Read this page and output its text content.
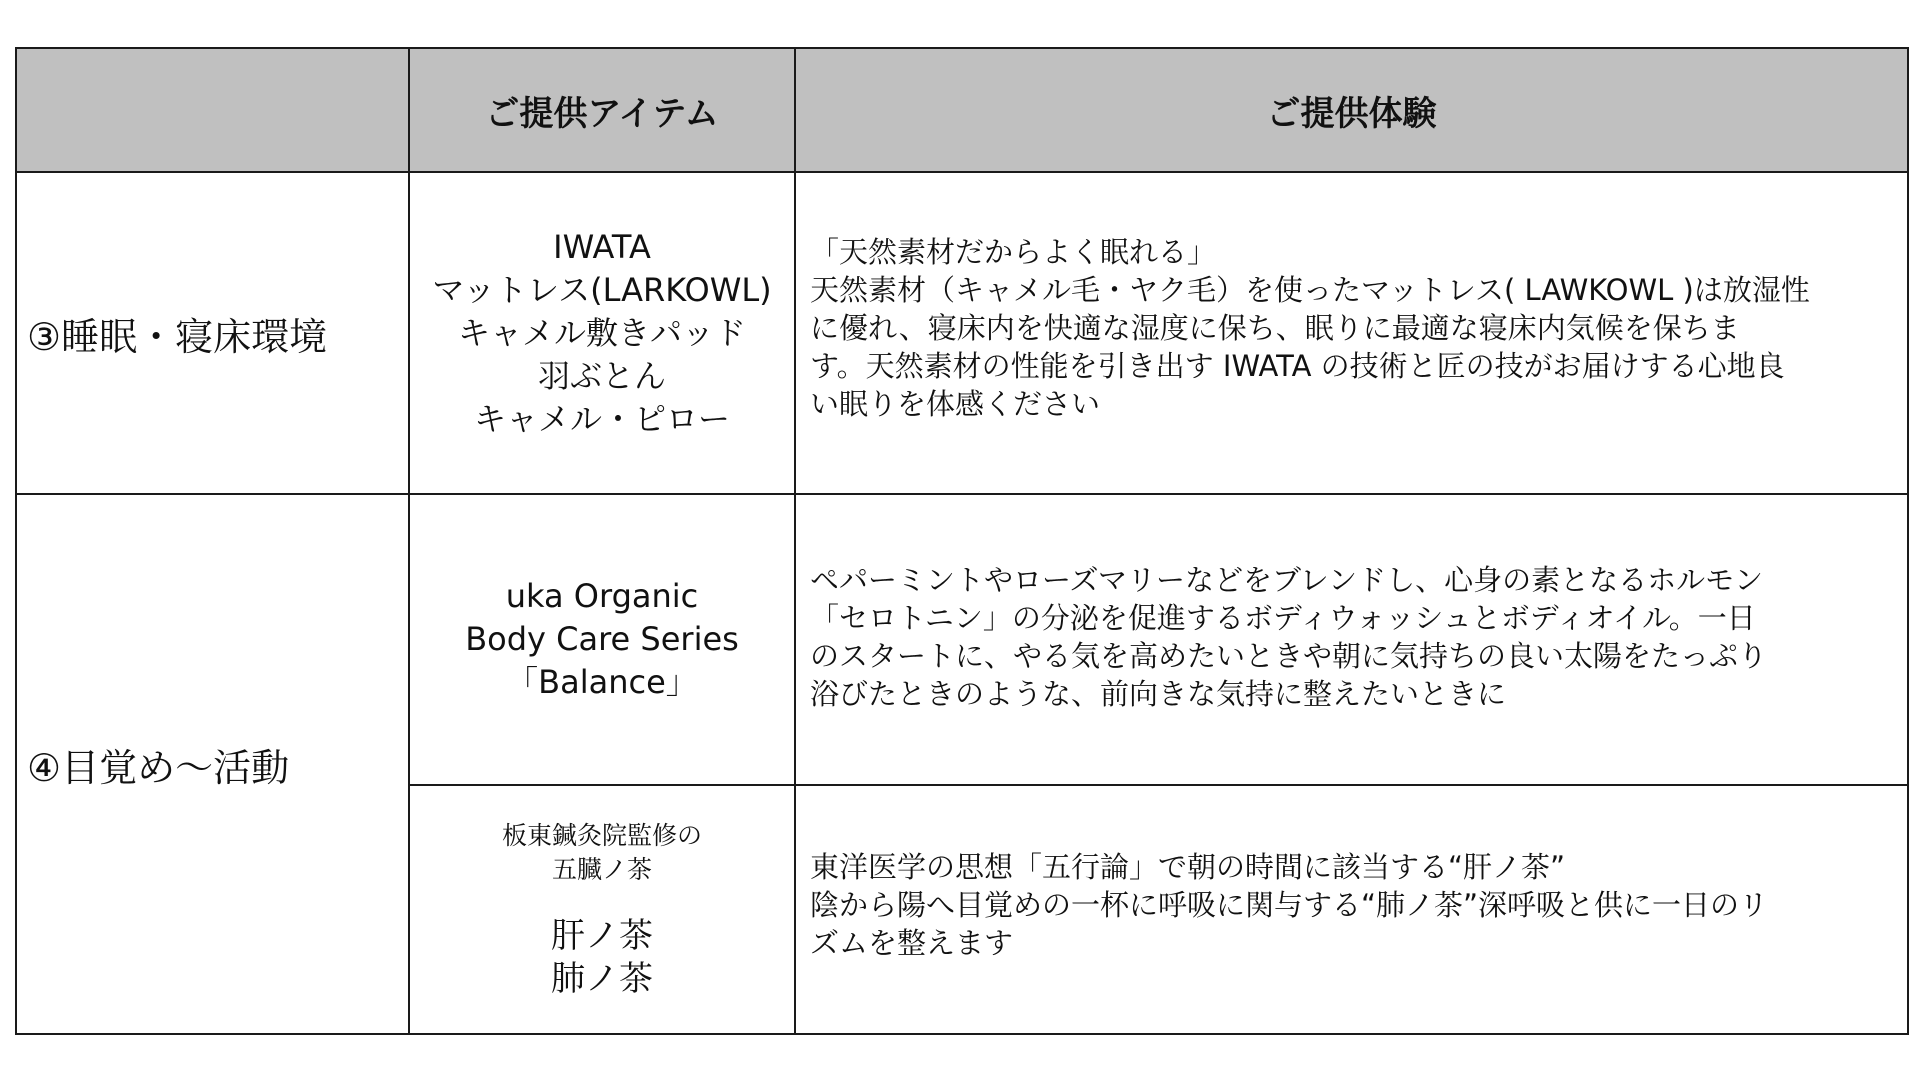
	ご提供アイテム	ご提供体験
③睡眠・寝床環境	IWATA
マットレス(LARKOWL)
キャメル敷きパッド
羽ぶとん
キャメル・ピロー	「天然素材だからよく眠れる」
天然素材（キャメル毛・ヤク毛）を使ったマットレス( LAWKOWL )は放湿性
に優れ、寝床内を快適な湿度に保ち、眠りに最適な寝床内気候を保ちま
す。天然素材の性能を引き出す IWATA の技術と匠の技がお届けする心地良
い眠りを体感ください

④目覚め～活動	uka Organic
Body Care Series
「Balance」	ペパーミントやローズマリーなどをブレンドし、心身の素となるホルモン
「セロトニン」の分泌を促進するボディウォッシュとボディオイル。一日
のスタートに、やる気を高めたいときや朝に気持ちの良い太陽をたっぷり
浴びたときのような、前向きな気持に整えたいときに

	板東鍼灸院監修の
五臓ノ茶
肝ノ茶
肺ノ茶	東洋医学の思想「五行論」で朝の時間に該当する“肝ノ茶”
陰から陽へ目覚めの一杯に呼吸に関与する“肺ノ茶”深呼吸と供に一日のリ
ズムを整えます
